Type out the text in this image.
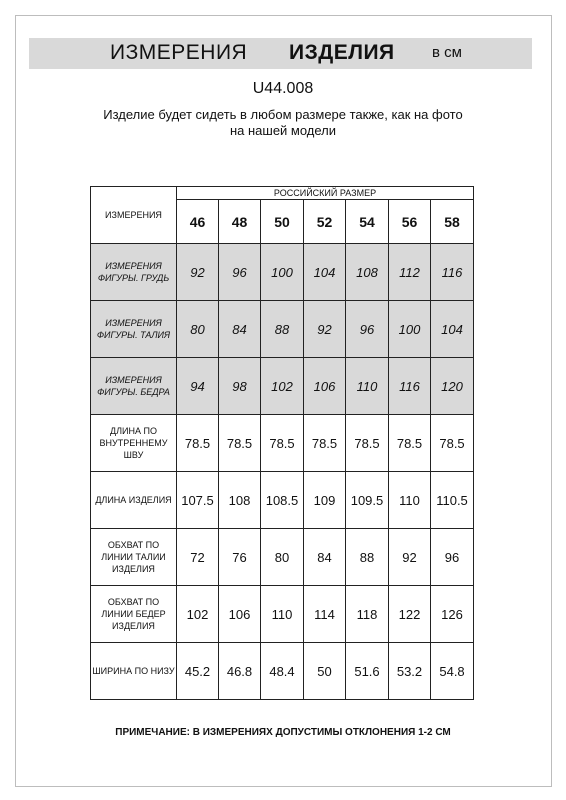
ИЗМЕРЕНИЯ ИЗДЕЛИЯ в см
U44.008
Изделие будет сидеть в любом размере также, как на фото на нашей модели
ИЗМЕРЕНИЯ	РОССИЙСКИЙ РАЗМЕР						
	46	48	50	52	54	56	58
ИЗМЕРЕНИЯ ФИГУРЫ. ГРУДЬ	92	96	100	104	108	112	116
ИЗМЕРЕНИЯ ФИГУРЫ. ТАЛИЯ	80	84	88	92	96	100	104
ИЗМЕРЕНИЯ ФИГУРЫ. БЕДРА	94	98	102	106	110	116	120
ДЛИНА ПО ВНУТРЕННЕМУ ШВУ	78.5	78.5	78.5	78.5	78.5	78.5	78.5
ДЛИНА ИЗДЕЛИЯ	107.5	108	108.5	109	109.5	110	110.5
ОБХВАТ ПО ЛИНИИ ТАЛИИ ИЗДЕЛИЯ	72	76	80	84	88	92	96
ОБХВАТ ПО ЛИНИИ БЕДЕР ИЗДЕЛИЯ	102	106	110	114	118	122	126
ШИРИНА ПО НИЗУ	45.2	46.8	48.4	50	51.6	53.2	54.8
ПРИМЕЧАНИЕ: В ИЗМЕРЕНИЯХ ДОПУСТИМЫ ОТКЛОНЕНИЯ 1-2 СМ
